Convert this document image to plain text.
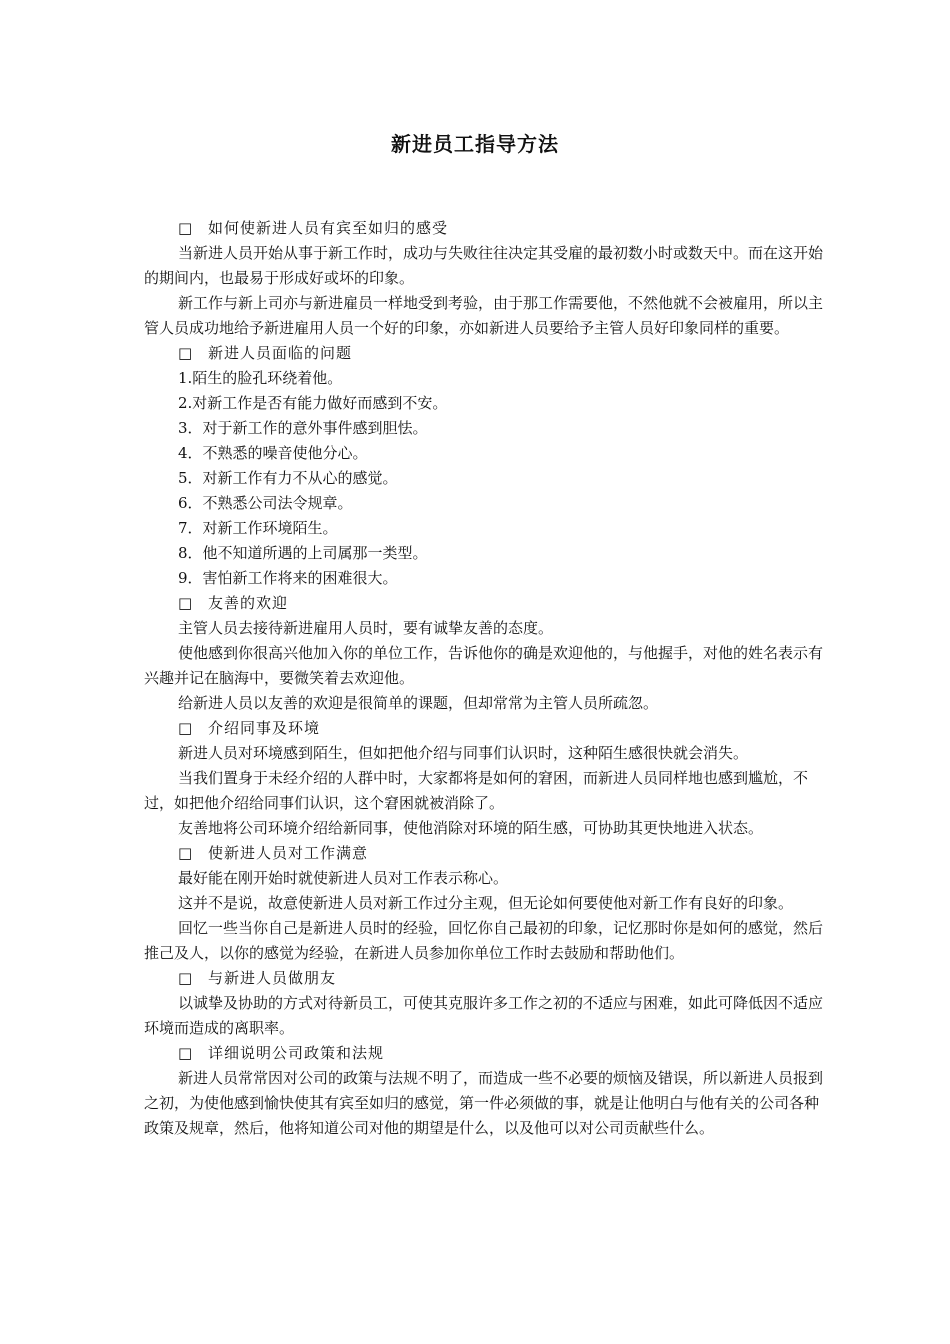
新进员工指导方法

□ 如何使新进人员有宾至如归的感受

当新进人员开始从事于新工作时，成功与失败往往决定其受雇的最初数小时或数天中。而在这开始的期间内，也最易于形成好或坏的印象。

新工作与新上司亦与新进雇员一样地受到考验，由于那工作需要他，不然他就不会被雇用，所以主管人员成功地给予新进雇用人员一个好的印象，亦如新进人员要给予主管人员好印象同样的重要。

□ 新进人员面临的问题

1.陌生的脸孔环绕着他。

2.对新工作是否有能力做好而感到不安。

3．对于新工作的意外事件感到胆怯。

4．不熟悉的噪音使他分心。

5．对新工作有力不从心的感觉。

6．不熟悉公司法令规章。

7．对新工作环境陌生。

8．他不知道所遇的上司属那一类型。

9．害怕新工作将来的困难很大。

□ 友善的欢迎

主管人员去接待新进雇用人员时，要有诚挚友善的态度。

使他感到你很高兴他加入你的单位工作，告诉他你的确是欢迎他的，与他握手，对他的姓名表示有兴趣并记在脑海中，要微笑着去欢迎他。

给新进人员以友善的欢迎是很简单的课题，但却常常为主管人员所疏忽。

□ 介绍同事及环境

新进人员对环境感到陌生，但如把他介绍与同事们认识时，这种陌生感很快就会消失。

当我们置身于未经介绍的人群中时，大家都将是如何的窘困，而新进人员同样地也感到尴尬，不过，如把他介绍给同事们认识，这个窘困就被消除了。

友善地将公司环境介绍给新同事，使他消除对环境的陌生感，可协助其更快地进入状态。

□ 使新进人员对工作满意

最好能在刚开始时就使新进人员对工作表示称心。

这并不是说，故意使新进人员对新工作过分主观，但无论如何要使他对新工作有良好的印象。

回忆一些当你自己是新进人员时的经验，回忆你自己最初的印象，记忆那时你是如何的感觉，然后推己及人，以你的感觉为经验，在新进人员参加你单位工作时去鼓励和帮助他们。

□ 与新进人员做朋友

以诚挚及协助的方式对待新员工，可使其克服许多工作之初的不适应与困难，如此可降低因不适应环境而造成的离职率。

□ 详细说明公司政策和法规

新进人员常常因对公司的政策与法规不明了，而造成一些不必要的烦恼及错误，所以新进人员报到之初，为使他感到愉快使其有宾至如归的感觉，第一件必须做的事，就是让他明白与他有关的公司各种政策及规章，然后，他将知道公司对他的期望是什么，以及他可以对公司贡献些什么。
